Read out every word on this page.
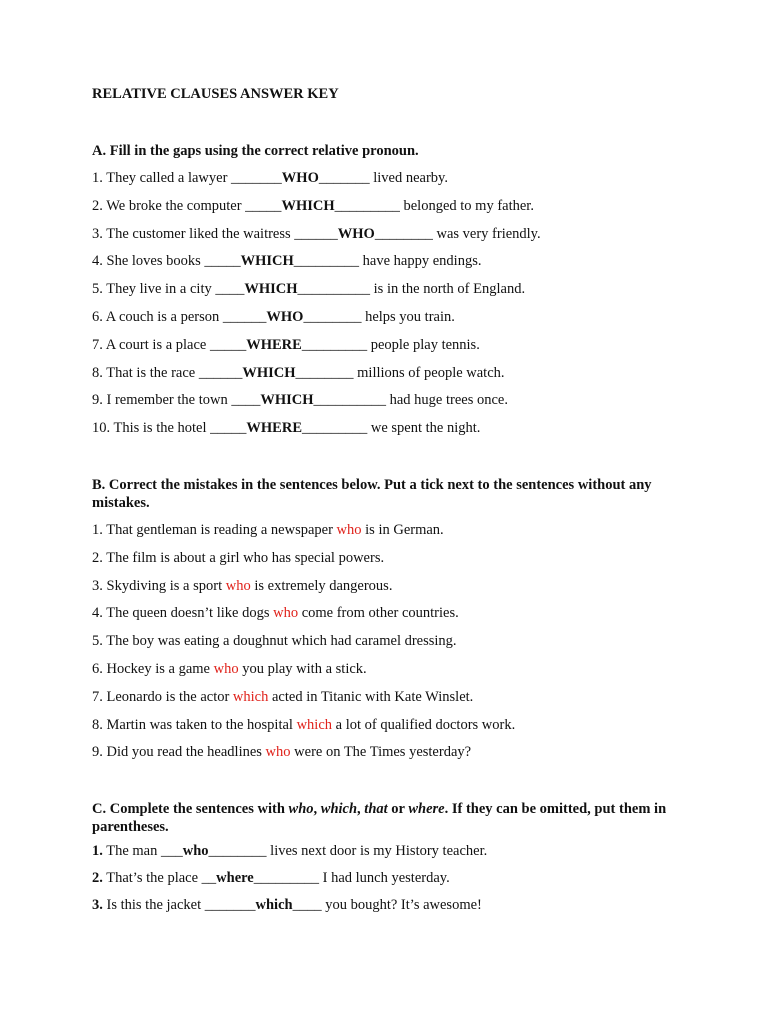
RELATIVE CLAUSES ANSWER KEY
A. Fill in the gaps using the correct relative pronoun.
1. They called a lawyer _______WHO_______ lived nearby.
2. We broke the computer _____WHICH_________ belonged to my father.
3. The customer liked the waitress ______WHO________ was very friendly.
4. She loves books _____WHICH_________ have happy endings.
5. They live in a city ____WHICH__________ is in the north of England.
6. A couch is a person ______WHO________ helps you train.
7. A court is a place _____WHERE_________ people play tennis.
8. That is the race ______WHICH________ millions of people watch.
9. I remember the town ____WHICH__________ had huge trees once.
10. This is the hotel _____WHERE_________ we spent the night.
B. Correct the mistakes in the sentences below. Put a tick next to the sentences without any mistakes.
1. That gentleman is reading a newspaper who is in German.
2. The film is about a girl who has special powers.
3. Skydiving is a sport who is extremely dangerous.
4. The queen doesn’t like dogs who come from other countries.
5. The boy was eating a doughnut which had caramel dressing.
6. Hockey is a game who you play with a stick.
7. Leonardo is the actor which acted in Titanic with Kate Winslet.
8. Martin was taken to the hospital which a lot of qualified doctors work.
9. Did you read the headlines who were on The Times yesterday?
C. Complete the sentences with who, which, that or where. If they can be omitted, put them in parentheses.
1. The man ___who________ lives next door is my History teacher.
2. That’s the place __where_________ I had lunch yesterday.
3. Is this the jacket _______which____ you bought? It’s awesome!
